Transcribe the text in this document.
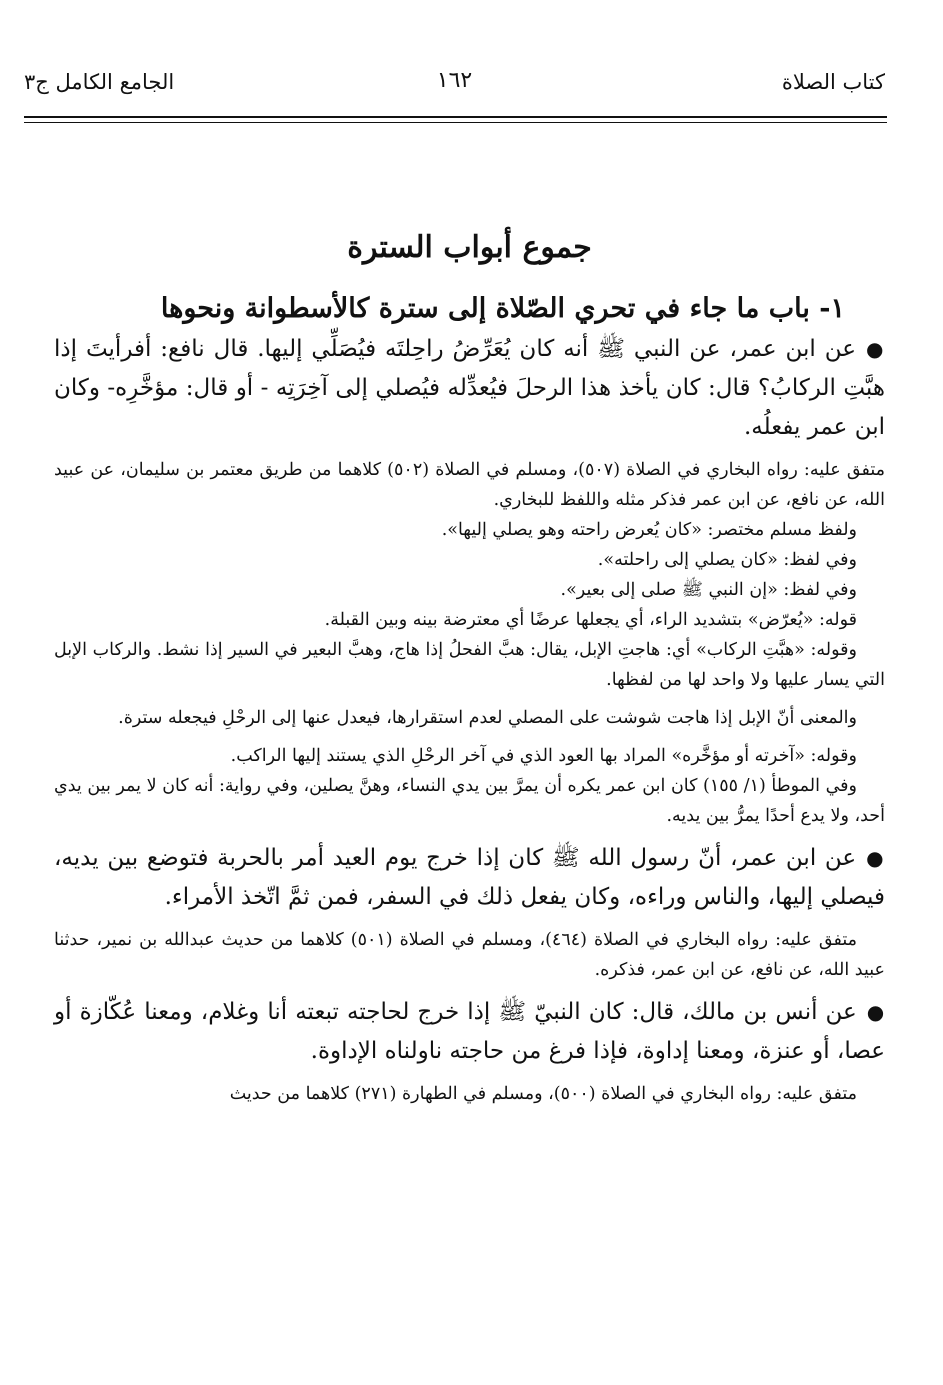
كتاب الصلاة
١٦٢
الجامع الكامل ج٣
جموع أبواب السترة
١- باب ما جاء في تحري الصّلاة إلى سترة كالأسطوانة ونحوها

●عن ابن عمر، عن النبي ﷺ أنه كان يُعَرِّضُ راحِلتَه فيُصَلِّي إليها. قال نافع: أفرأيتَ إذا هبَّتِ الركابُ؟ قال: كان يأخذ هذا الرحلَ فيُعدِّله فيُصلي إلى آخِرَتِه - أو قال: مؤخَّرِه- وكان ابن عمر يفعلُه.

متفق عليه: رواه البخاري في الصلاة (٥٠٧)، ومسلم في الصلاة (٥٠٢) كلاهما من طريق معتمر بن سليمان، عن عبيد الله، عن نافع، عن ابن عمر فذكر مثله واللفظ للبخاري.

ولفظ مسلم مختصر: «كان يُعرض راحته وهو يصلي إليها».

وفي لفظ: «كان يصلي إلى راحلته».

وفي لفظ: «إن النبي ﷺ صلى إلى بعير».

قوله: «يُعرّض» بتشديد الراء، أي يجعلها عرضًا أي معترضة بينه وبين القبلة.

وقوله: «هبَّتِ الركاب» أي: هاجتِ الإبل، يقال: هبَّ الفحلُ إذا هاج، وهبَّ البعير في السير إذا نشط. والركاب الإبل التي يسار عليها ولا واحد لها من لفظها.

والمعنى أنّ الإبل إذا هاجت شوشت على المصلي لعدم استقرارها، فيعدل عنها إلى الرحْلِ فيجعله سترة.

وقوله: «آخرته أو مؤخَّره» المراد بها العود الذي في آخر الرحْلِ الذي يستند إليها الراكب.

وفي الموطأ (١/ ١٥٥) كان ابن عمر يكره أن يمرَّ بين يدي النساء، وهنَّ يصلين، وفي رواية: أنه كان لا يمر بين يدي أحد، ولا يدع أحدًا يمرُّ بين يديه.

●عن ابن عمر، أنّ رسول الله ﷺ كان إذا خرج يوم العيد أمر بالحربة فتوضع بين يديه، فيصلي إليها، والناس وراءه، وكان يفعل ذلك في السفر، فمن ثمَّ اتّخذ الأمراء.

متفق عليه: رواه البخاري في الصلاة (٤٦٤)، ومسلم في الصلاة (٥٠١) كلاهما من حديث عبدالله بن نمير، حدثنا عبيد الله، عن نافع، عن ابن عمر، فذكره.

●عن أنس بن مالك، قال: كان النبيّ ﷺ إذا خرج لحاجته تبعته أنا وغلام، ومعنا عُكّازة أو عصا، أو عنزة، ومعنا إداوة، فإذا فرغ من حاجته ناولناه الإداوة.

متفق عليه: رواه البخاري في الصلاة (٥٠٠)، ومسلم في الطهارة (٢٧١) كلاهما من حديث
